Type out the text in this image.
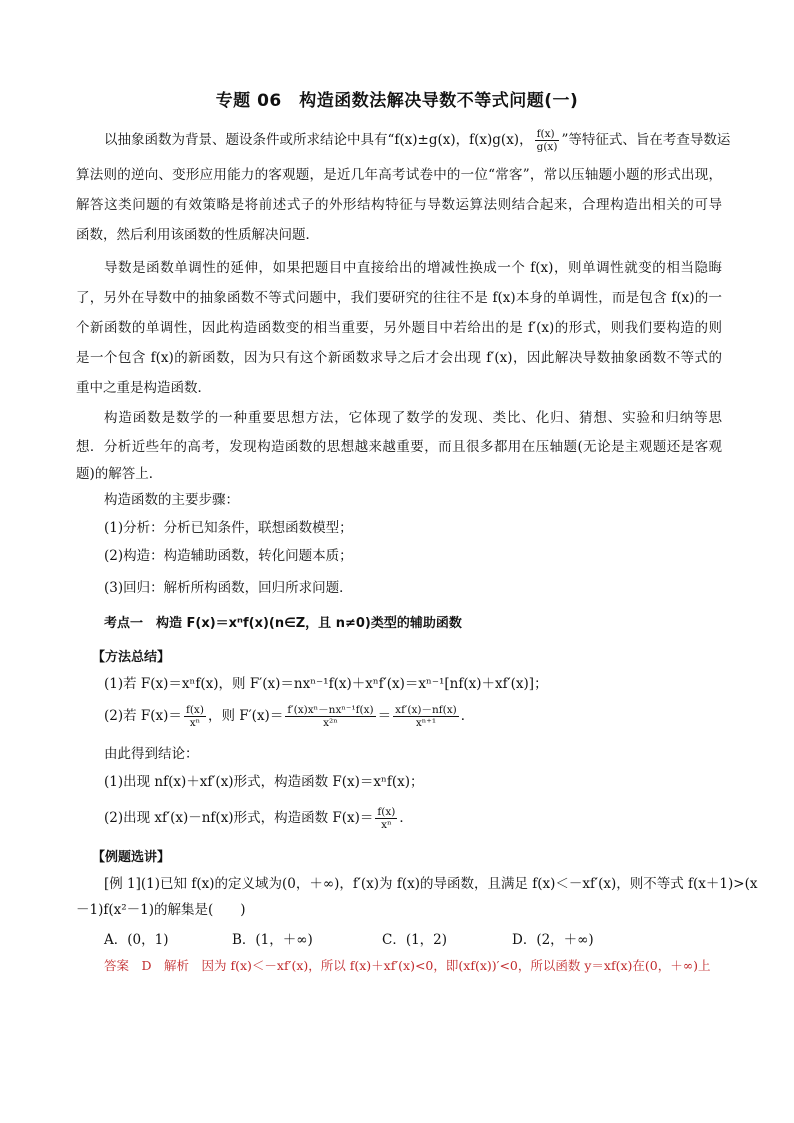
专题 06　构造函数法解决导数不等式问题(一)
以抽象函数为背景、题设条件或所求结论中具有“f(x)±g(x)，f(x)g(x)， $\frac{f(x)}{g(x)}$ ”等特征式、旨在考查导数运
算法则的逆向、变形应用能力的客观题，是近几年高考试卷中的一位“常客”，常以压轴题小题的形式出现，
解答这类问题的有效策略是将前述式子的外形结构特征与导数运算法则结合起来，合理构造出相关的可导
函数，然后利用该函数的性质解决问题．
导数是函数单调性的延伸，如果把题目中直接给出的增减性换成一个 f(x)，则单调性就变的相当隐晦
了，另外在导数中的抽象函数不等式问题中，我们要研究的往往不是 f(x)本身的单调性，而是包含 f(x)的一
个新函数的单调性，因此构造函数变的相当重要，另外题目中若给出的是 f′(x)的形式，则我们要构造的则
是一个包含 f(x)的新函数，因为只有这个新函数求导之后才会出现 f′(x)，因此解决导数抽象函数不等式的
重中之重是构造函数．
构造函数是数学的一种重要思想方法，它体现了数学的发现、类比、化归、猜想、实验和归纳等思
想．分析近些年的高考，发现构造函数的思想越来越重要，而且很多都用在压轴题(无论是主观题还是客观
题)的解答上．
构造函数的主要步骤：
(1)分析：分析已知条件，联想函数模型；
(2)构造：构造辅助函数，转化问题本质；
(3)回归：解析所构函数，回归所求问题．
考点一　构造 F(x)＝xⁿf(x)(n∈Z，且 n≠0)类型的辅助函数
【方法总结】
(1)若 F(x)＝xⁿf(x)，则 F′(x)＝nxⁿ⁻¹f(x)＋xⁿf′(x)＝xⁿ⁻¹[nf(x)＋xf′(x)]；
(2)若 $F(x)= \frac{f(x)}{\text{xⁿ}}$ ，则 $F'(x)= \frac{\text{f′(x)xⁿ－nxⁿ⁻¹f(x)}}{\text{x²ⁿ}} = \frac{xf'(x)-nf(x)}{\text{xⁿ⁺¹}}$ ．
由此得到结论：
(1)出现 nf(x)＋xf′(x)形式，构造函数 F(x)＝xⁿf(x)；
(2)出现 xf′(x)－nf(x)形式，构造函数 $F(x)= \frac{f(x)}{\text{xⁿ}}$ ．
【例题选讲】
[例 1](1)已知 f(x)的定义域为(0，＋∞)，f′(x)为 f(x)的导函数，且满足 f(x)＜－xf′(x)，则不等式 f(x＋1)>(x
－1)f(x²－1)的解集是(　　)
A．(0，1)	B．(1，＋∞)	C．(1，2)	D．(2，＋∞)
答案　D　解析　因为 f(x)＜－xf′(x)，所以 f(x)＋xf′(x)<0，即(xf(x))′<0，所以函数 y＝xf(x)在(0，＋∞)上
